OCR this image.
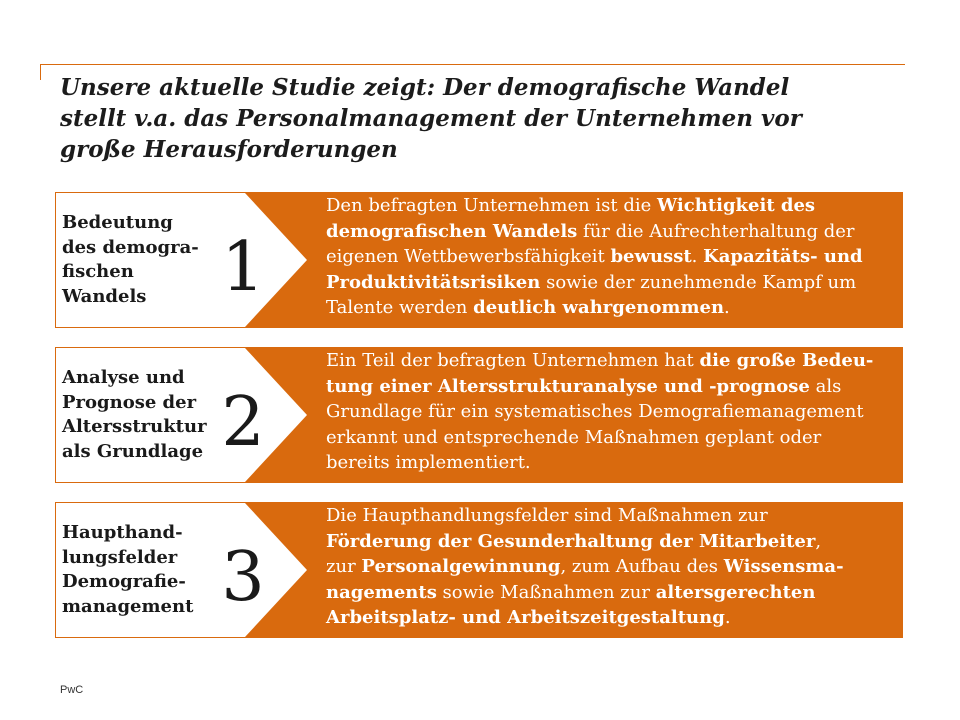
Unsere aktuelle Studie zeigt: Der demografische Wandel
stellt v.a. das Personalmanagement der Unternehmen vor
große Herausforderungen
Bedeutung
des demogra-
fischen
Wandels	1
Den befragten Unternehmen ist die Wichtigkeit des
demografischen Wandels für die Aufrechterhaltung der
eigenen Wettbewerbsfähigkeit bewusst. Kapazitäts- und
Produktivitätsrisiken sowie der zunehmende Kampf um
Talente werden deutlich wahrgenommen.
Analyse und
Prognose der
Altersstruktur
als Grundlage 2
Ein Teil der befragten Unternehmen hat die große Bedeu-
tung einer Altersstrukturanalyse und -prognose als
Grundlage für ein systematisches Demografiemanagement
erkannt und entsprechende Maßnahmen geplant oder
bereits implementiert.
Haupthand-
lungsfelder
Demografie-
management 3
Die Haupthandlungsfelder sind Maßnahmen zur
Förderung der Gesunderhaltung der Mitarbeiter,
zur Personalgewinnung, zum Aufbau des Wissensma-
nagements sowie Maßnahmen zur altersgerechten
Arbeitsplatz- und Arbeitszeitgestaltung.
PwC
